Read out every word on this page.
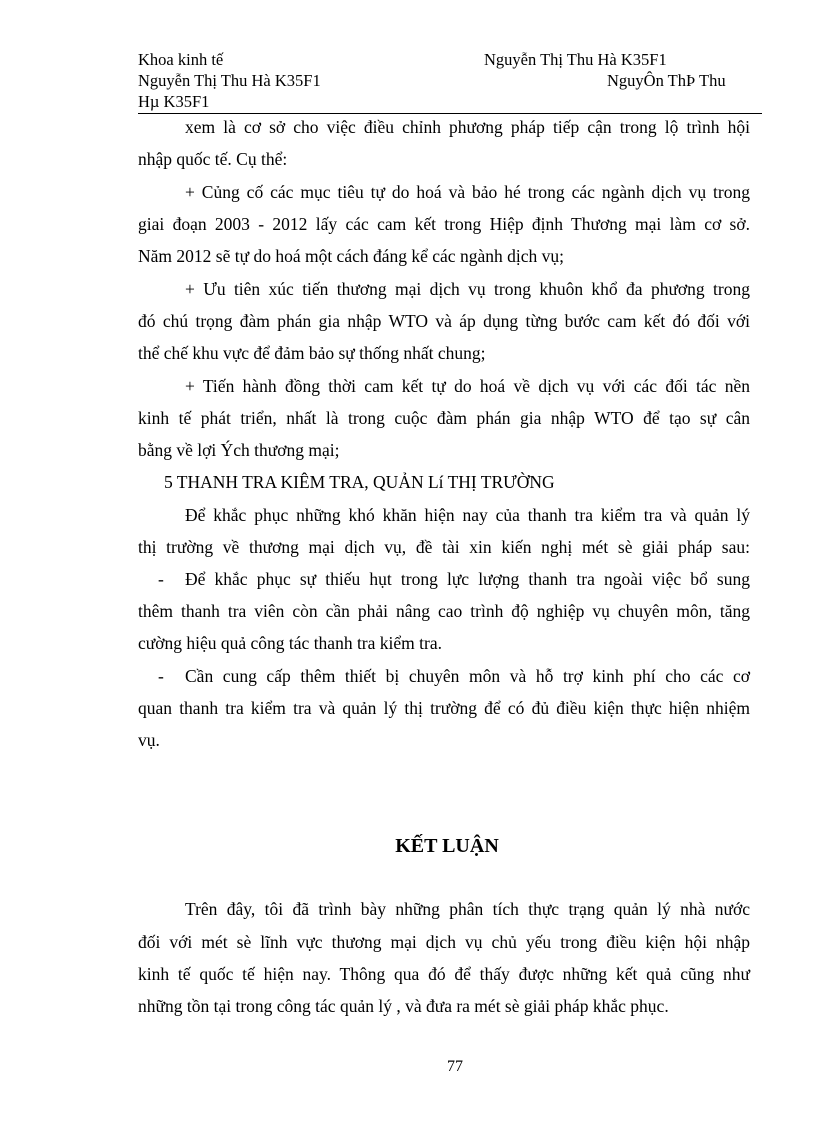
Khoa kinh tế	Nguyễn Thị Thu Hà K35F1
Nguyễn Thị Thu Hà K35F1	NguyÔn ThÞ Thu
Hµ K35F1
xem là cơ sở cho việc điều chỉnh phương pháp tiếp cận trong lộ trình hội
nhập quốc tế. Cụ thể:
+ Củng cố các mục tiêu tự do hoá và bảo hé trong các ngành dịch vụ trong
giai đoạn 2003 - 2012 lấy các cam kết trong Hiệp định Thương mại làm cơ sở.
Năm 2012 sẽ tự do hoá một cách đáng kể các ngành dịch vụ;
+ Ưu tiên xúc tiến thương mại dịch vụ trong khuôn khổ đa phương trong
đó chú trọng đàm phán gia nhập WTO và áp dụng từng bước cam kết đó đối với
thể chế khu vực để đảm bảo sự thống nhất chung;
+ Tiến hành đồng thời cam kết tự do hoá về dịch vụ với các đối tác nền
kinh tế phát triển, nhất là trong cuộc đàm phán gia nhập WTO để tạo sự cân
bằng về lợi Ých thương mại;
5 THANH TRA KIÊM TRA, QUẢN Lí THỊ TRƯỜNG
Để khắc phục những khó khăn hiện nay của thanh tra kiểm tra và quản lý
thị trường về thương mại dịch vụ, đề tài xin kiến nghị mét sè giải pháp sau:
- Để khắc phục sự thiếu hụt trong lực lượng thanh tra ngoài việc bổ sung
thêm thanh tra viên còn cần phải nâng cao trình độ nghiệp vụ chuyên môn, tăng
cường hiệu quả công tác thanh tra kiểm tra.
- Cần cung cấp thêm thiết bị chuyên môn và hỗ trợ kinh phí cho các cơ
quan thanh tra kiểm tra và quản lý thị trường để có đủ điều kiện thực hiện nhiệm
vụ.
KẾT LUẬN
Trên đây, tôi đã trình bày những phân tích thực trạng quản lý nhà nước
đối với mét sè lĩnh vực thương mại dịch vụ chủ yếu trong điều kiện hội nhập
kinh tế quốc tế hiện nay. Thông qua đó để thấy được những kết quả cũng như
những tồn tại trong công tác quản lý , và đưa ra mét sè giải pháp khắc phục.
77
